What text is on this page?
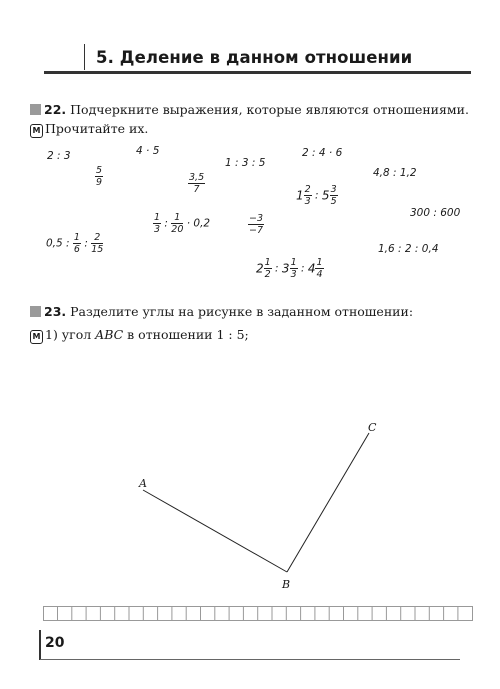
5. Деление в данном отношении
22. Подчеркните выражения, которые являются отношениями.
М Прочитайте их.
2 : 3	4 · 5
1 : 3 : 5
2 : 4 · 6
$\frac{5}{9}$	$\frac{3,5}{7}$
$1 \frac{2}{3}$ : $5 \frac{3}{5}$
4,8 : 1,2
300 : 600
$\frac{1}{3}$ : $\frac{1}{20} \cdot 0,2$	$\frac{-3}{-7}$
0,5 : $\frac{1}{6}$ : $\frac{2}{15}$	1,6 : 2 : 0,4
$2 \frac{1}{2}$ : $3 \frac{1}{3}$ : $4 \frac{1}{4}$
23. Разделите углы на рисунке в заданном отношении:
М 1) угол ABC в отношении 1 : 5;
A
B
C
20
